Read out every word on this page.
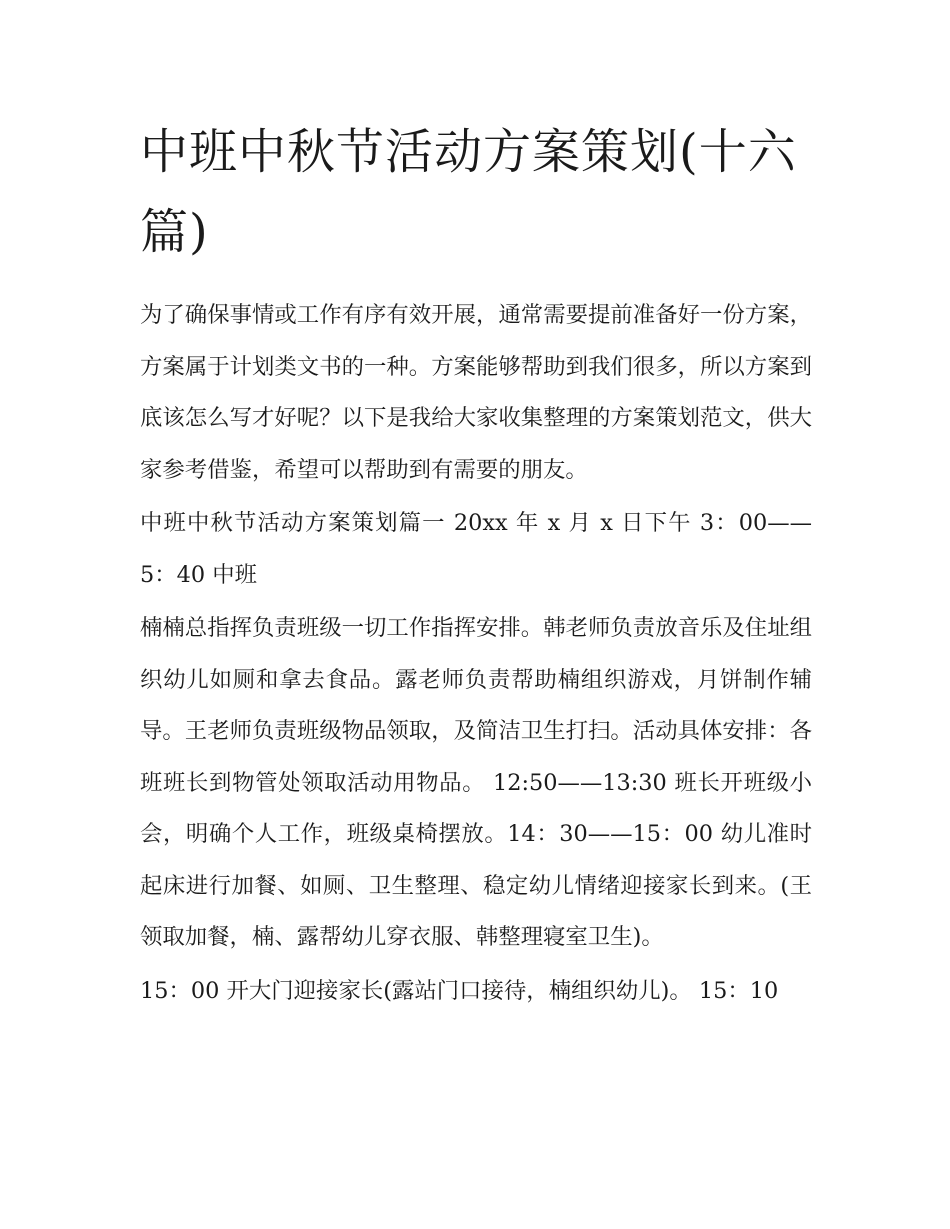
中班中秋节活动方案策划(十六篇)

为了确保事情或工作有序有效开展，通常需要提前准备好一份方案，方案属于计划类文书的一种。方案能够帮助到我们很多，所以方案到底该怎么写才好呢？以下是我给大家收集整理的方案策划范文，供大家参考借鉴，希望可以帮助到有需要的朋友。

中班中秋节活动方案策划篇一 20xx 年 x 月 x 日下午 3：00——5：40 中班

楠楠总指挥负责班级一切工作指挥安排。韩老师负责放音乐及住址组织幼儿如厕和拿去食品。露老师负责帮助楠组织游戏，月饼制作辅导。王老师负责班级物品领取，及简洁卫生打扫。活动具体安排：各班班长到物管处领取活动用物品。 12:50——13:30 班长开班级小会，明确个人工作，班级桌椅摆放。14：30——15：00 幼儿准时起床进行加餐、如厕、卫生整理、稳定幼儿情绪迎接家长到来。(王领取加餐，楠、露帮幼儿穿衣服、韩整理寝室卫生)。

15：00 开大门迎接家长(露站门口接待，楠组织幼儿)。 15：10
